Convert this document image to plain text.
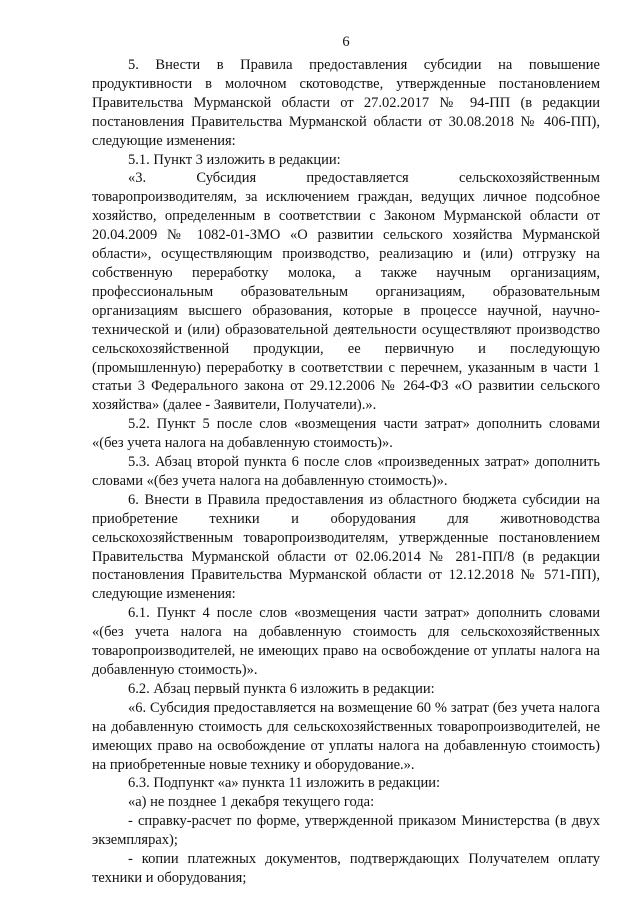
6

5. Внести в Правила предоставления субсидии на повышение продуктивности в молочном скотоводстве, утвержденные постановлением Правительства Мурманской области от 27.02.2017 № 94-ПП (в редакции постановления Правительства Мурманской области от 30.08.2018 № 406-ПП), следующие изменения:

5.1. Пункт 3 изложить в редакции:

«3. Субсидия предоставляется сельскохозяйственным товаропроизводителям, за исключением граждан, ведущих личное подсобное хозяйство, определенным в соответствии с Законом Мурманской области от 20.04.2009 № 1082-01-ЗМО «О развитии сельского хозяйства Мурманской области», осуществляющим производство, реализацию и (или) отгрузку на собственную переработку молока, а также научным организациям, профессиональным образовательным организациям, образовательным организациям высшего образования, которые в процессе научной, научно-технической и (или) образовательной деятельности осуществляют производство сельскохозяйственной продукции, ее первичную и последующую (промышленную) переработку в соответствии с перечнем, указанным в части 1 статьи 3 Федерального закона от 29.12.2006 № 264-ФЗ «О развитии сельского хозяйства» (далее - Заявители, Получатели).».

5.2. Пункт 5 после слов «возмещения части затрат» дополнить словами «(без учета налога на добавленную стоимость)».

5.3. Абзац второй пункта 6 после слов «произведенных затрат» дополнить словами «(без учета налога на добавленную стоимость)».

6. Внести в Правила предоставления из областного бюджета субсидии на приобретение техники и оборудования для животноводства сельскохозяйственным товаропроизводителям, утвержденные постановлением Правительства Мурманской области от 02.06.2014 № 281-ПП/8 (в редакции постановления Правительства Мурманской области от 12.12.2018 № 571-ПП), следующие изменения:

6.1. Пункт 4 после слов «возмещения части затрат» дополнить словами «(без учета налога на добавленную стоимость для сельскохозяйственных товаропроизводителей, не имеющих право на освобождение от уплаты налога на добавленную стоимость)».

6.2. Абзац первый пункта 6 изложить в редакции:

«6. Субсидия предоставляется на возмещение 60 % затрат (без учета налога на добавленную стоимость для сельскохозяйственных товаропроизводителей, не имеющих право на освобождение от уплаты налога на добавленную стоимость) на приобретенные новые технику и оборудование.».

6.3. Подпункт «а» пункта 11 изложить в редакции:

«а) не позднее 1 декабря текущего года:

- справку-расчет по форме, утвержденной приказом Министерства (в двух экземплярах);

- копии платежных документов, подтверждающих Получателем оплату техники и оборудования;
